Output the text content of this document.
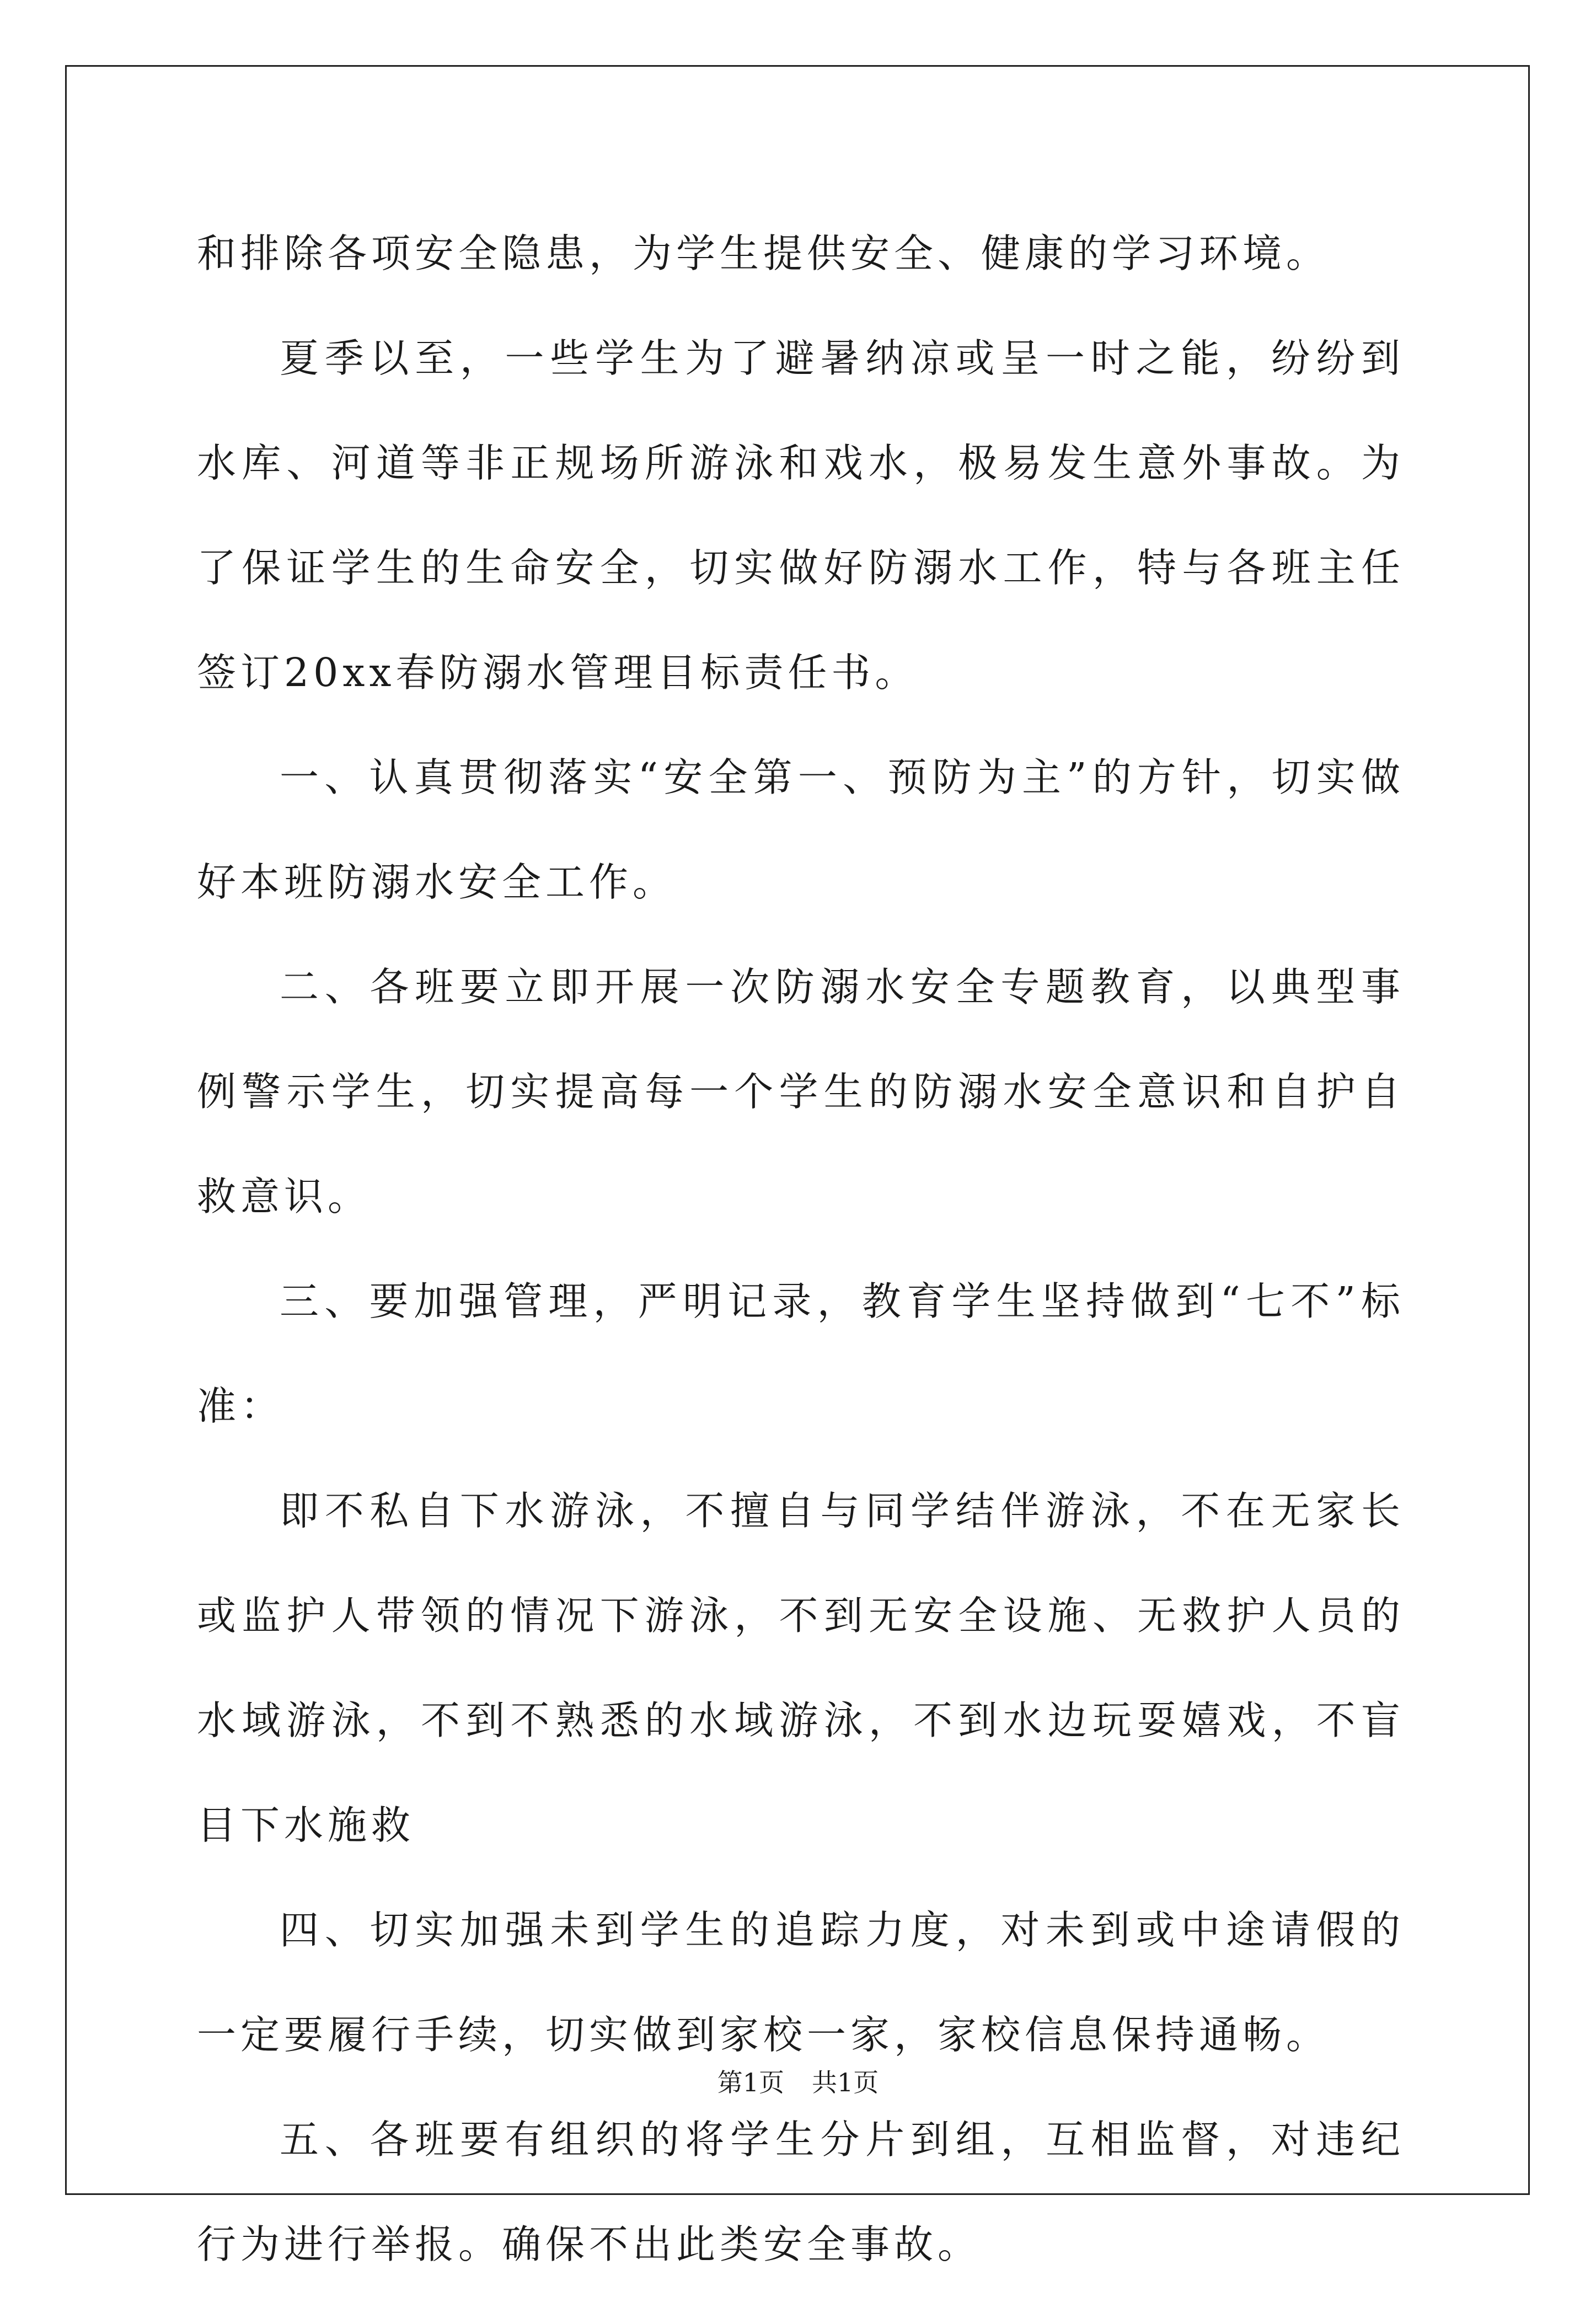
和排除各项安全隐患，为学生提供安全、健康的学习环境。

夏季以至，一些学生为了避暑纳凉或呈一时之能，纷纷到水库、河道等非正规场所游泳和戏水，极易发生意外事故。为了保证学生的生命安全，切实做好防溺水工作，特与各班主任签订20xx春防溺水管理目标责任书。

一、认真贯彻落实“安全第一、预防为主”的方针，切实做好本班防溺水安全工作。

二、各班要立即开展一次防溺水安全专题教育，以典型事例警示学生，切实提高每一个学生的防溺水安全意识和自护自救意识。

三、要加强管理，严明记录，教育学生坚持做到“七不”标准：

即不私自下水游泳，不擅自与同学结伴游泳，不在无家长或监护人带领的情况下游泳，不到无安全设施、无救护人员的水域游泳，不到不熟悉的水域游泳，不到水边玩耍嬉戏，不盲目下水施救

四、切实加强未到学生的追踪力度，对未到或中途请假的一定要履行手续，切实做到家校一家，家校信息保持通畅。

五、各班要有组织的将学生分片到组，互相监督，对违纪行为进行举报。确保不出此类安全事故。

第1页 共1页
